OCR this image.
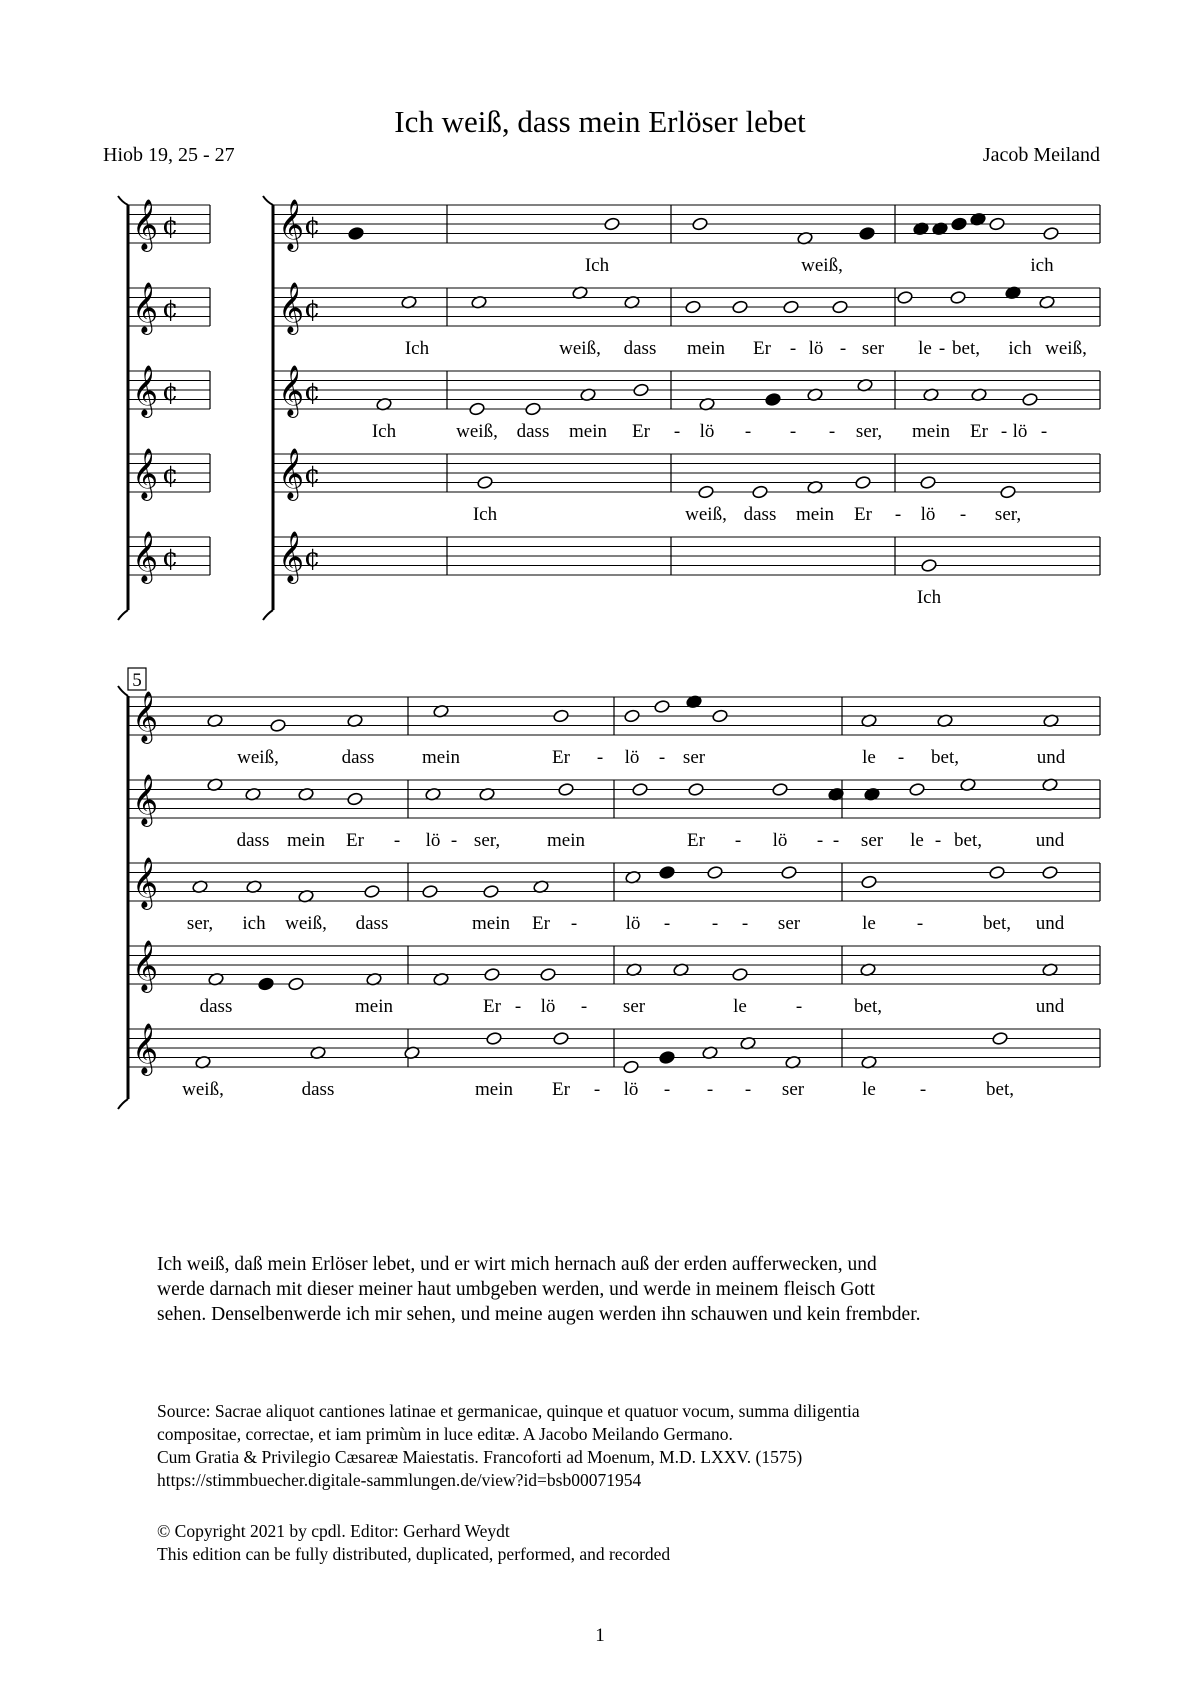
Ich weiß, dass mein Erlöser lebet
Hiob 19, 25 - 27	Jacob Meiland
𝄞	𝄞 ¢
¢
𝄞	𝄞 ¢
¢
𝄞	𝄞 ¢
¢
𝄞	𝄞 ¢
¢
𝄞	𝄞 ¢
¢
𝄞
𝄞
𝄞
𝄞
𝄞
Ich	weiß,	ich
Ich	weiß, dass mein Er - lö - ser le - bet, ich weiß,
Ich	weiß, dass mein Er - lö - - - ser, mein Er - lö -
Ich	weiß, dass mein Er - lö - ser,
Ich
weiß,	dass	mein	Er - lö - ser	le - bet,	und
dass mein Er - lö - ser, mein	Er - lö - - ser le - bet,	und
ser, ich weiß, dass	mein Er -	lö - - - ser	le -	bet, und
dass	mein	Er - lö - ser	le	-	bet,	und
weiß,	dass	mein Er - lö - - - ser	le -	bet,
5
Ich weiß, daß mein Erlöser lebet, und er wirt mich hernach auß der erden aufferwecken, und
werde darnach mit dieser meiner haut umbgeben werden, und werde in meinem fleisch Gott
sehen. Denselbenwerde ich mir sehen, und meine augen werden ihn schauwen und kein frembder.
Source: Sacrae aliquot cantiones latinae et germanicae, quinque et quatuor vocum, summa diligentia
compositae, correctae, et iam primùm in luce editæ. A Jacobo Meilando Germano.
Cum Gratia & Privilegio Cæsareæ Maiestatis. Francoforti ad Moenum, M.D. LXXV. (1575)
https://stimmbuecher.digitale-sammlungen.de/view?id=bsb00071954
© Copyright 2021 by cpdl. Editor: Gerhard Weydt
This edition can be fully distributed, duplicated, performed, and recorded
1
